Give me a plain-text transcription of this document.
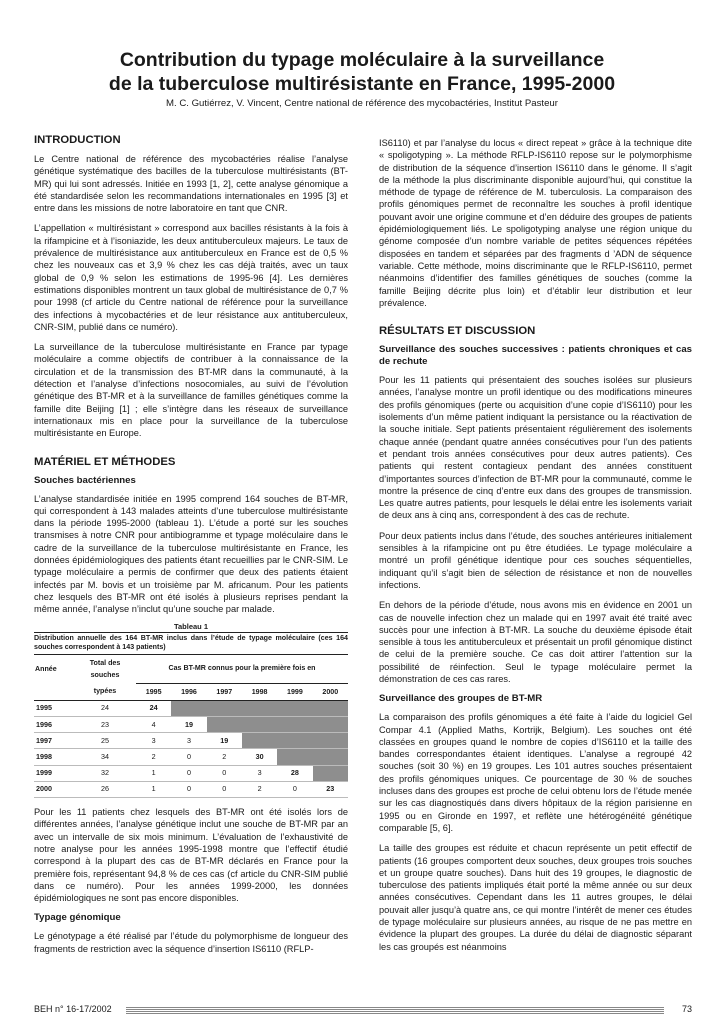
Contribution du typage moléculaire à la surveillance
de la tuberculose multirésistante en France, 1995-2000
M. C. Gutiérrez, V. Vincent, Centre national de référence des mycobactéries, Institut Pasteur
INTRODUCTION

Le Centre national de référence des mycobactéries réalise l’analyse génétique systématique des bacilles de la tuberculose multirésistants (BT-MR) qui lui sont adressés. Initiée en 1993 [1, 2], cette analyse génomique a été standardisée selon les recommandations internationales en 1995 [3] et entre dans les missions de notre laboratoire en tant que CNR.

L’appellation « multirésistant » correspond aux bacilles résistants à la fois à la rifampicine et à l’isoniazide, les deux antituberculeux majeurs. Le taux de prévalence de multirésistance aux antituberculeux en France est de 0,5 % chez les nouveaux cas et 3,9 % chez les cas déjà traités, avec un taux global de 0,9 % selon les estimations de 1995-96 [4]. Les dernières estimations disponibles montrent un taux global de multirésistance de 0,7 % pour 1998 (cf article du Centre national de référence pour la surveillance des infections à mycobactéries et de leur résistance aux antituberculeux, CNR-SIM, publié dans ce numéro).

La surveillance de la tuberculose multirésistante en France par typage moléculaire a comme objectifs de contribuer à la connaissance de la circulation et de la transmission des BT-MR dans la communauté, à la détection et l’analyse d’infections nosocomiales, au suivi de l’évolution génétique des BT-MR et à la surveillance de familles génétiques comme la famille dite Beijing [1] ; elle s’intègre dans les réseaux de surveillance internationaux mis en place pour la surveillance de la tuberculose multirésistante en Europe.

MATÉRIEL ET MÉTHODES
Souches bactériennes

L’analyse standardisée initiée en 1995 comprend 164 souches de BT-MR, qui correspondent à 143 malades atteints d’une tuberculose multirésistante dans la période 1995-2000 (tableau 1). L’étude a porté sur les souches transmises à notre CNR pour antibiogramme et typage moléculaire dans le cadre de la surveillance de la tuberculose multirésistante en France, les données épidémiologiques des patients étant recueillies par le CNR-SIM. Le typage moléculaire a permis de confirmer que deux des patients étaient infectés par M. bovis et un troisième par M. africanum. Pour les patients chez lesquels des BT-MR ont été isolés à plusieurs reprises pendant la même année, l’analyse n’inclut qu’une souche par malade.

Tableau 1
Distribution annuelle des 164 BT-MR inclus dans l’étude de typage moléculaire (ces 164 souches correspondent à 143 patients)
Année	Total des souches	Cas BT-MR connus pour la première fois en					
	typées	1995	1996	1997	1998	1999	2000
1995	24	24					
1996	23	4	19				
1997	25	3	3	19			
1998	34	2	0	2	30		
1999	32	1	0	0	3	28	
2000	26	1	0	0	2	0	23

Pour les 11 patients chez lesquels des BT-MR ont été isolés lors de différentes années, l’analyse génétique inclut une souche de BT-MR par an avec un intervalle de six mois minimum. L’évaluation de l’exhaustivité de notre analyse pour les années 1995-1998 montre que l’effectif étudié correspond à la plupart des cas de BT-MR déclarés en France pour la première fois, représentant 94,8 % de ces cas (cf article du CNR-SIM publié dans ce numéro). Pour les années 1999-2000, les données épidémiologiques ne sont pas encore disponibles.

Typage génomique

Le génotypage a été réalisé par l’étude du polymorphisme de longueur des fragments de restriction avec la séquence d’insertion IS6110 (RFLP-

IS6110) et par l’analyse du locus « direct repeat » grâce à la technique dite « spoligotyping ». La méthode RFLP-IS6110 repose sur le polymorphisme de distribution de la séquence d’insertion IS6110 dans le génome. Il s’agit de la méthode la plus discriminante disponible aujourd’hui, qui constitue la méthode de typage de référence de M. tuberculosis. La comparaison des profils génomiques permet de reconnaître les souches à profil identique pouvant avoir une origine commune et d’en déduire des groupes de patients épidémiologiquement liés. Le spoligotyping analyse une région unique du génome composée d’un nombre variable de petites séquences répétées disposées en tandem et séparées par des fragments d ’ADN de séquence variable. Cette méthode, moins discriminante que le RFLP-IS6110, permet néanmoins d’identifier des familles génétiques de souches (comme la famille Beijing décrite plus loin) et d’établir leur distribution et leur prévalence.

RÉSULTATS ET DISCUSSION
Surveillance des souches successives : patients chroniques et cas de rechute

Pour les 11 patients qui présentaient des souches isolées sur plusieurs années, l’analyse montre un profil identique ou des modifications mineures des profils génomiques (perte ou acquisition d’une copie d’IS6110) pour les isolements d’un même patient indiquant la persistance ou la réactivation de la souche initiale. Sept patients présentaient régulièrement des isolements chaque année (pendant quatre années consécutives pour l’un des patients et pendant trois années consécutives pour deux autres patients). Ces patients qui restent contagieux pendant des années constituent d’importantes sources d’infection de BT-MR pour la communauté, comme le montre la présence de cinq d’entre eux dans des groupes de transmission. Les quatre autres patients, pour lesquels le délai entre les isolements variait de deux ans à cinq ans, correspondent à des cas de rechute.

Pour deux patients inclus dans l’étude, des souches antérieures initialement sensibles à la rifampicine ont pu être étudiées. Le typage moléculaire a montré un profil génétique identique pour ces souches séquentielles, indiquant qu’il s’agit bien de sélection de résistance et non de nouvelles infections.

En dehors de la période d’étude, nous avons mis en évidence en 2001 un cas de nouvelle infection chez un malade qui en 1997 avait été traité avec succès pour une infection à BT-MR. La souche du deuxième épisode était sensible à tous les antituberculeux et présentait un profil génomique distinct de celui de la première souche. Ce cas doit attirer l’attention sur la possibilité de réinfection. Seul le typage moléculaire permet la démonstration de ces cas rares.

Surveillance des groupes de BT-MR

La comparaison des profils génomiques a été faite à l’aide du logiciel Gel Compar 4.1 (Applied Maths, Kortrijk, Belgium). Les souches ont été classées en groupes quand le nombre de copies d’IS6110 et la taille des bandes correspondantes étaient identiques. L’analyse a regroupé 42 souches (soit 30 %) en 19 groupes. Les 101 autres souches présentaient des profils génomiques uniques. Ce pourcentage de 30 % de souches incluses dans des groupes est proche de celui obtenu lors de l’étude menée sur les cas diagnostiqués dans divers hôpitaux de la région parisienne en 1995 ou en Gironde en 1997, et reflète une hétérogénéité génétique comparable [5, 6].

La taille des groupes est réduite et chacun représente un petit effectif de patients (16 groupes comportent deux souches, deux groupes trois souches et un groupe quatre souches). Dans huit des 19 groupes, le diagnostic de tuberculose des patients impliqués était porté la même année ou sur deux années consécutives. Cependant dans les 11 autres groupes, le délai pouvait aller jusqu’à quatre ans, ce qui montre l’intérêt de mener ces études de typage moléculaire sur plusieurs années, au risque de ne pas mettre en évidence la plupart des groupes. La durée du délai de diagnostic séparant les cas groupés est néanmoins

BEH n° 16-17/2002	73
